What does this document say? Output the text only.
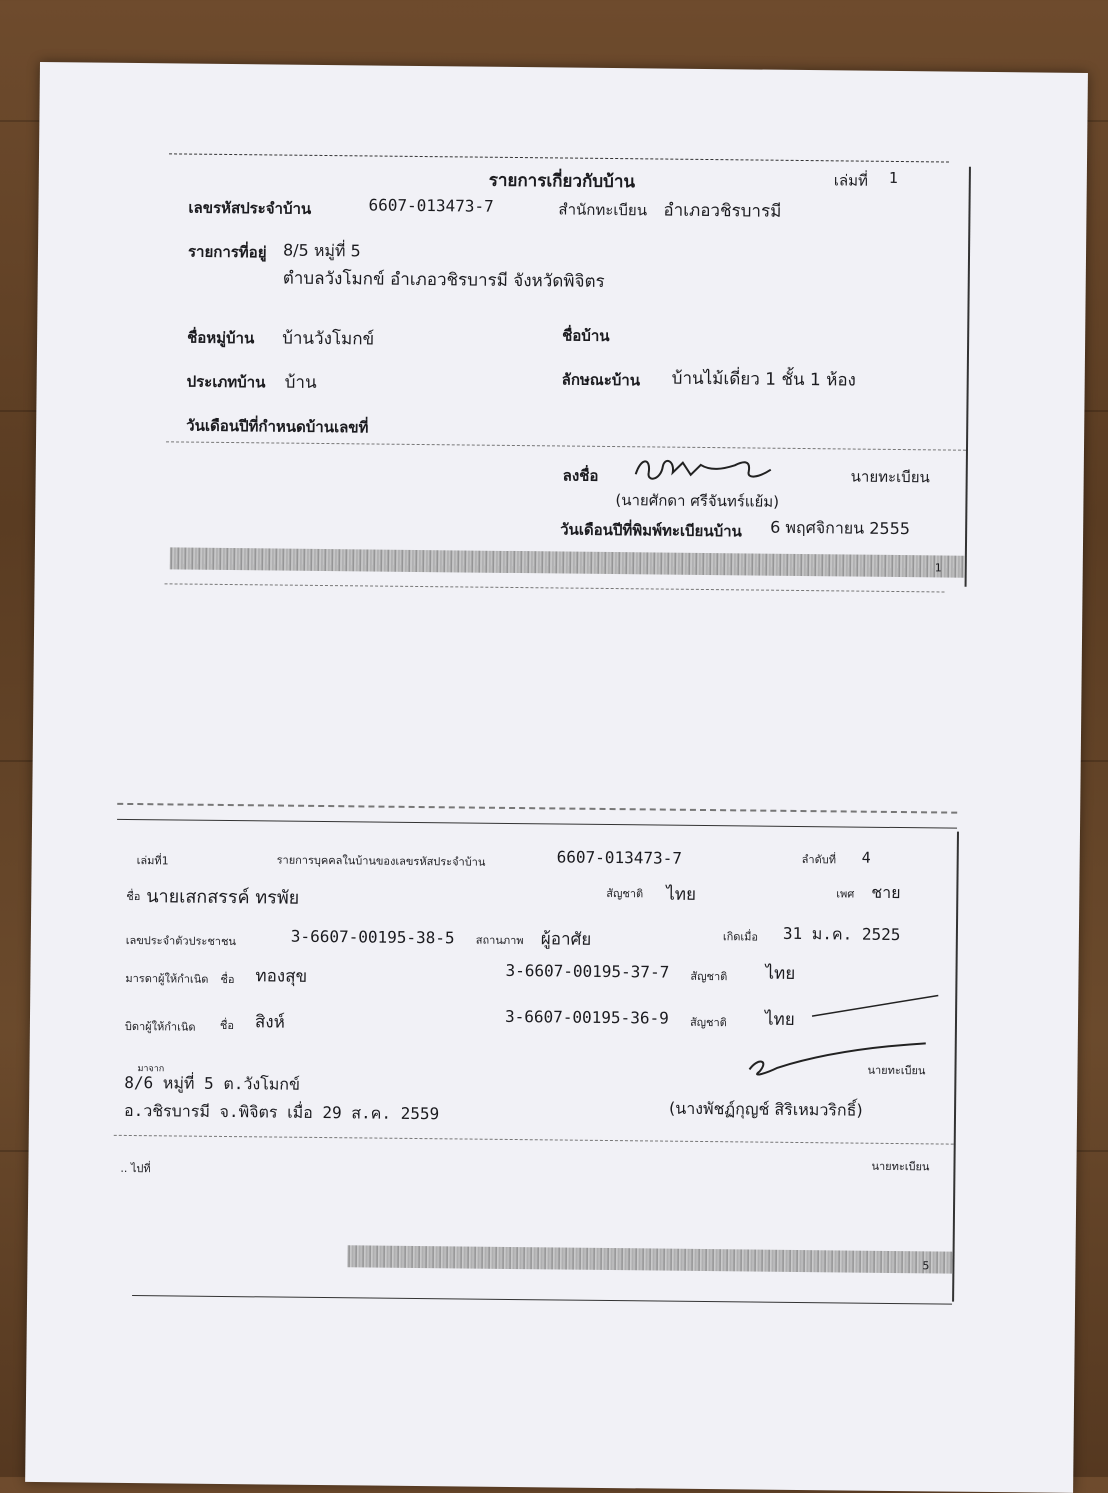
รายการเกี่ยวกับบ้าน	เล่มที่ 1
เลขรหัสประจำบ้าน	6607-013473-7	สำนักทะเบียน อำเภอวชิรบารมี
รายการที่อยู่ 8/5 หมู่ที่ 5
ตำบลวังโมกข์ อำเภอวชิรบารมี จังหวัดพิจิตร
ชื่อหมู่บ้าน บ้านวังโมกข์	ชื่อบ้าน
ประเภทบ้าน บ้าน	ลักษณะบ้าน บ้านไม้เดี่ยว 1 ชั้น 1 ห้อง
วันเดือนปีที่กำหนดบ้านเลขที่
ลงชื่อ	นายทะเบียน
(นายศักดา ศรีจันทร์แย้ม)
วันเดือนปีที่พิมพ์ทะเบียนบ้าน 6 พฤศจิกายน 2555
1
เล่มที่1	รายการบุคคลในบ้านของเลขรหัสประจำบ้าน	6607-013473-7	ลำดับที่ 4
ชื่อ นายเสกสรรค์ ทรพัย	สัญชาติ ไทย	เพศ ชาย
เลขประจำตัวประชาชน	3-6607-00195-38-5 สถานภาพ ผู้อาศัย	เกิดเมื่อ 31 ม.ค. 2525
มารดาผู้ให้กำเนิด ชื่อ ทองสุข	3-6607-00195-37-7 สัญชาติ ไทย
บิดาผู้ให้กำเนิด ชื่อ สิงห์	3-6607-00195-36-9 สัญชาติ ไทย
มาจาก
8/6 หมู่ที่ 5 ต.วังโมกข์
อ.วชิรบารมี จ.พิจิตร เมื่อ 29 ส.ค. 2559
นายทะเบียน
(นางพัชฏ์กุญช์ สิริเหมวริกธิ์)
.. ไปที่	นายทะเบียน
5
